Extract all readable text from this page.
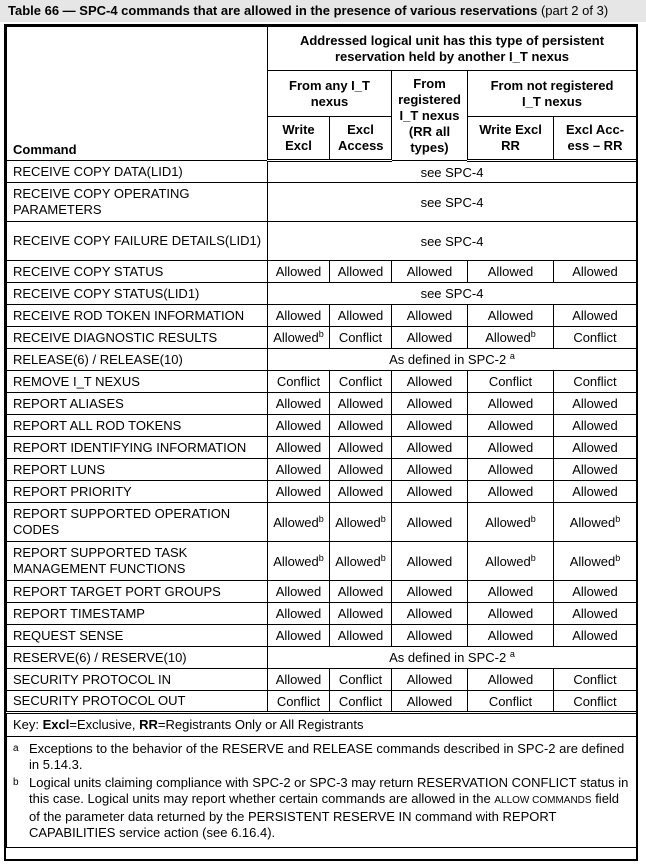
Table 66 — SPC-4 commands that are allowed in the presence of various reservations (part 2 of 3)
Command	Addressed logical unit has this type of persistent reservation held by another I_T nexus				
	From any I_T nexus		From registered I_T nexus (RR all types)	From not registered I_T nexus	
	Write Excl	Excl Access		Write Excl RR	Excl Acc-ess – RR
RECEIVE COPY DATA(LID1)	see SPC-4				
RECEIVE COPY OPERATING PARAMETERS	see SPC-4				
RECEIVE COPY FAILURE DETAILS(LID1)	see SPC-4				
RECEIVE COPY STATUS	Allowed	Allowed	Allowed	Allowed	Allowed
RECEIVE COPY STATUS(LID1)	see SPC-4				
RECEIVE ROD TOKEN INFORMATION	Allowed	Allowed	Allowed	Allowed	Allowed
RECEIVE DIAGNOSTIC RESULTS	Allowed$^b$	Conflict	Allowed	Allowed$^b$	Conflict
RELEASE(6) / RELEASE(10)	As defined in SPC-2 $^a$
REMOVE I_T NEXUS	Conflict	Conflict	Allowed	Conflict	Conflict
REPORT ALIASES	Allowed	Allowed	Allowed	Allowed	Allowed
REPORT ALL ROD TOKENS	Allowed	Allowed	Allowed	Allowed	Allowed
REPORT IDENTIFYING INFORMATION	Allowed	Allowed	Allowed	Allowed	Allowed
REPORT LUNS	Allowed	Allowed	Allowed	Allowed	Allowed
REPORT PRIORITY	Allowed	Allowed	Allowed	Allowed	Allowed
REPORT SUPPORTED OPERATION CODES	Allowed$^b$	Allowed$^b$	Allowed	Allowed$^b$	Allowed$^b$
REPORT SUPPORTED TASK MANAGEMENT FUNCTIONS	Allowed$^b$	Allowed$^b$	Allowed	Allowed$^b$	Allowed$^b$
REPORT TARGET PORT GROUPS	Allowed	Allowed	Allowed	Allowed	Allowed
REPORT TIMESTAMP	Allowed	Allowed	Allowed	Allowed	Allowed
REQUEST SENSE	Allowed	Allowed	Allowed	Allowed	Allowed
RESERVE(6) / RESERVE(10)	As defined in SPC-2 $^a$
SECURITY PROTOCOL IN	Allowed	Conflict	Allowed	Allowed	Conflict
SECURITY PROTOCOL OUT	Conflict	Conflict	Allowed	Conflict	Conflict
Key: Excl=Exclusive, RR=Registrants Only or All Registrants					

a Exceptions to the behavior of the RESERVE and RELEASE commands described in SPC-2 are defined in 5.14.3.
b Logical units claiming compliance with SPC-2 or SPC-3 may return RESERVATION CONFLICT status in this case. Logical units may report whether certain commands are allowed in the ALLOW COMMANDS field of the parameter data returned by the PERSISTENT RESERVE IN command with REPORT CAPABILITIES service action (see 6.16.4).					
